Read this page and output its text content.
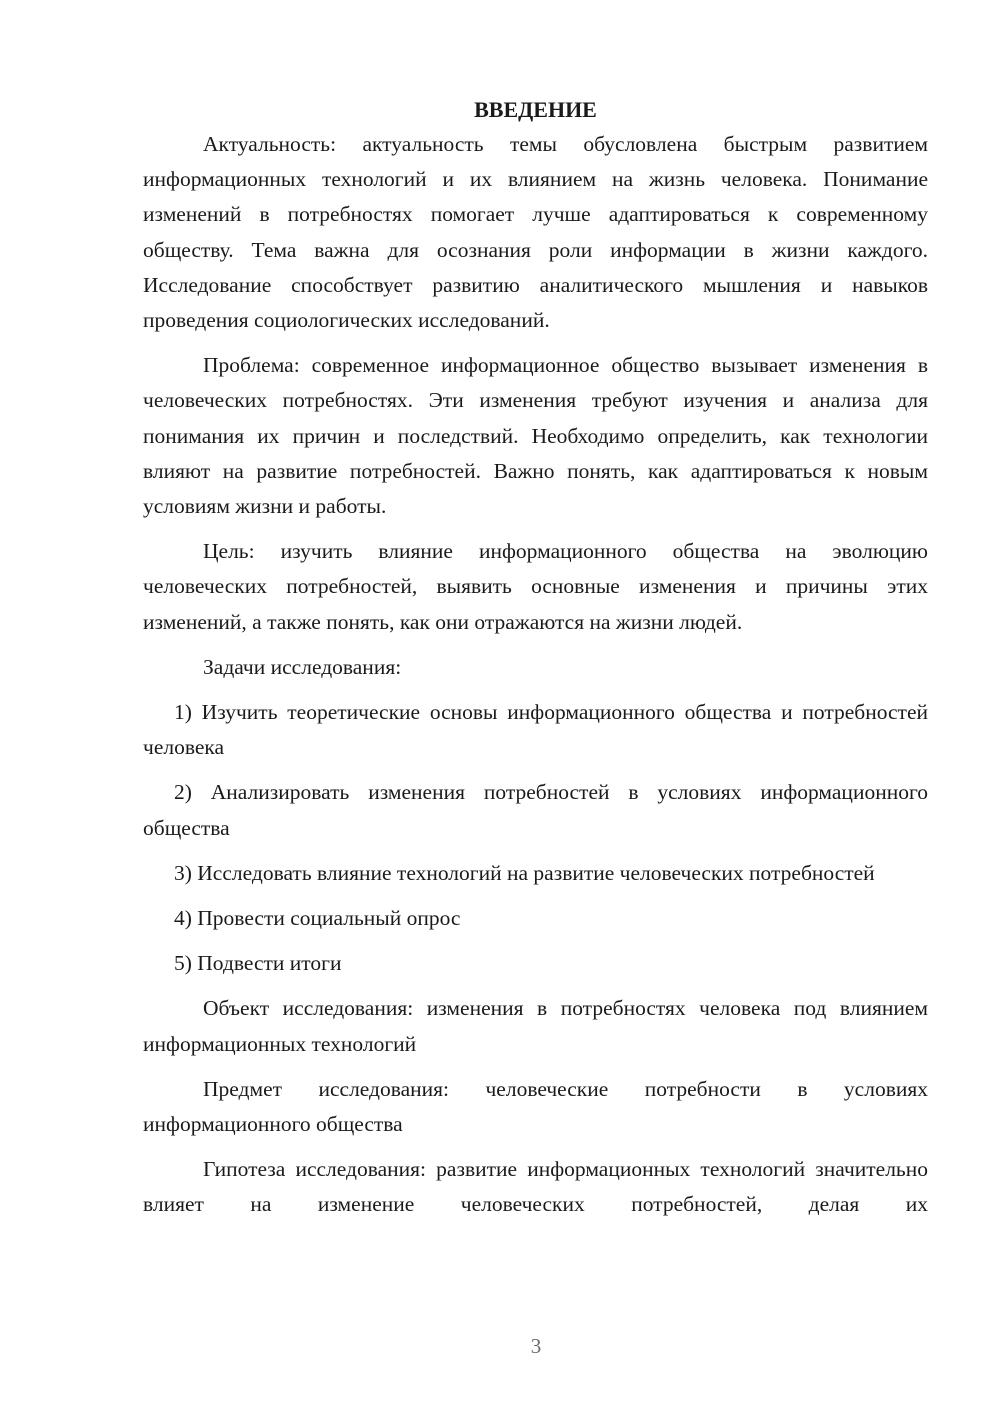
ВВЕДЕНИЕ

Актуальность: актуальность темы обусловлена быстрым развитием информационных технологий и их влиянием на жизнь человека. Понимание изменений в потребностях помогает лучше адаптироваться к современному обществу. Тема важна для осознания роли информации в жизни каждого. Исследование способствует развитию аналитического мышления и навыков проведения социологических исследований.

Проблема: современное информационное общество вызывает изменения в человеческих потребностях. Эти изменения требуют изучения и анализа для понимания их причин и последствий. Необходимо определить, как технологии влияют на развитие потребностей. Важно понять, как адаптироваться к новым условиям жизни и работы.

Цель: изучить влияние информационного общества на эволюцию человеческих потребностей, выявить основные изменения и причины этих изменений, а также понять, как они отражаются на жизни людей.

Задачи исследования:

1) Изучить теоретические основы информационного общества и потребностей человека

2) Анализировать изменения потребностей в условиях информационного общества

3) Исследовать влияние технологий на развитие человеческих потребностей

4) Провести социальный опрос

5) Подвести итоги

Объект исследования: изменения в потребностях человека под влиянием информационных технологий

Предмет исследования: человеческие потребности в условиях информационного общества

Гипотеза исследования: развитие информационных технологий значительно влияет на изменение человеческих потребностей, делая их

3
